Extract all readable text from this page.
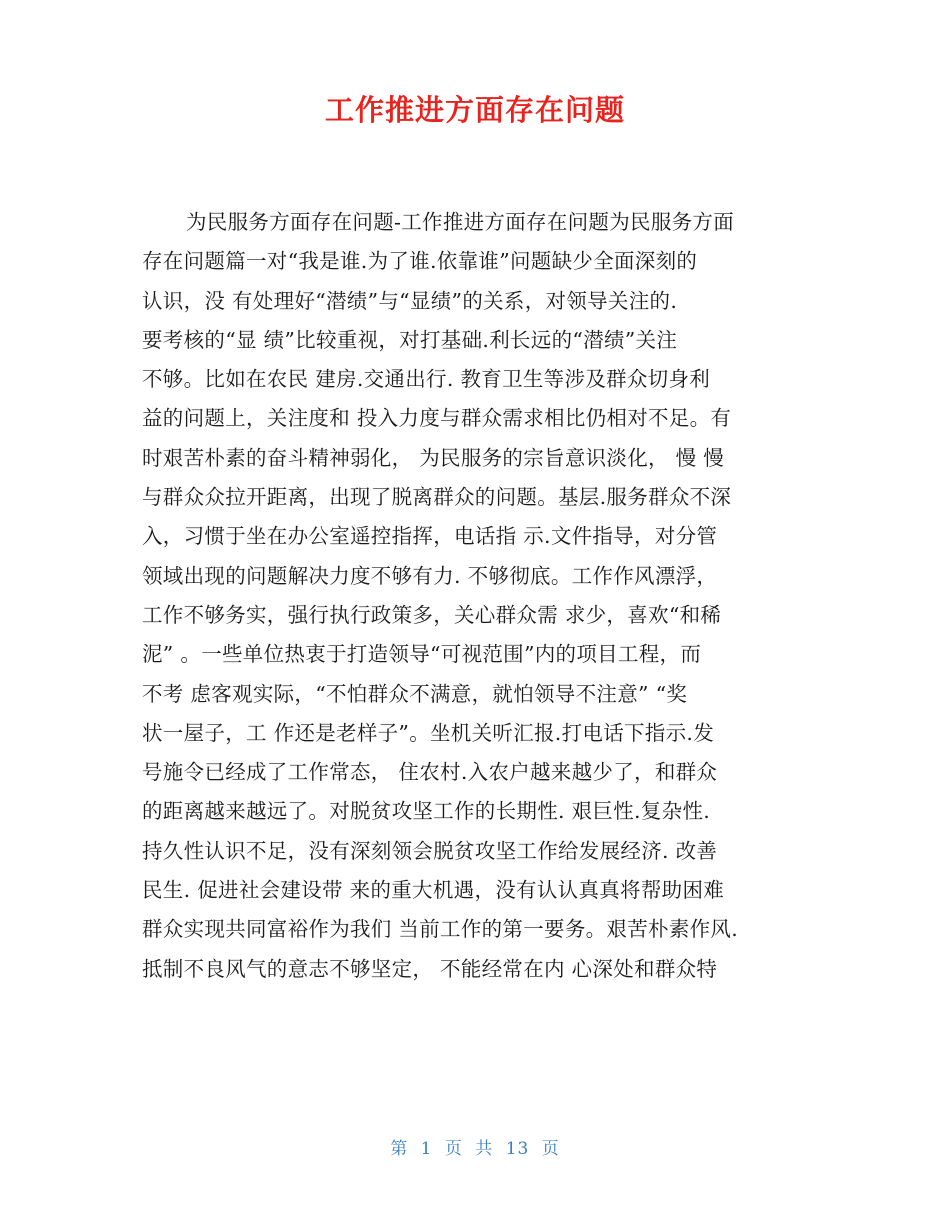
工作推进方面存在问题
为民服务方面存在问题-工作推进方面存在问题为民服务方面
存在问题篇一对“我是谁.为了谁.依靠谁”问题缺少全面深刻的
认识，没 有处理好“潜绩”与“显绩”的关系，对领导关注的.
要考核的“显 绩”比较重视，对打基础.利长远的“潜绩”关注
不够。比如在农民 建房.交通出行. 教育卫生等涉及群众切身利
益的问题上，关注度和 投入力度与群众需求相比仍相对不足。有
时艰苦朴素的奋斗精神弱化， 为民服务的宗旨意识淡化， 慢 慢
与群众众拉开距离，出现了脱离群众的问题。基层.服务群众不深
入，习惯于坐在办公室遥控指挥，电话指 示.文件指导，对分管
领域出现的问题解决力度不够有力. 不够彻底。工作作风漂浮，
工作不够务实，强行执行政策多，关心群众需 求少，喜欢“和稀
泥” 。一些单位热衷于打造领导“可视范围”内的项目工程，而
不考 虑客观实际，“不怕群众不满意，就怕领导不注意” “奖
状一屋子，工 作还是老样子”。坐机关听汇报.打电话下指示.发
号施令已经成了工作常态， 住农村.入农户越来越少了，和群众
的距离越来越远了。对脱贫攻坚工作的长期性. 艰巨性.复杂性.
持久性认识不足，没有深刻领会脱贫攻坚工作给发展经济. 改善
民生. 促进社会建设带 来的重大机遇，没有认认真真将帮助困难
群众实现共同富裕作为我们 当前工作的第一要务。艰苦朴素作风.
抵制不良风气的意志不够坚定， 不能经常在内 心深处和群众特
第 1 页 共 13 页
